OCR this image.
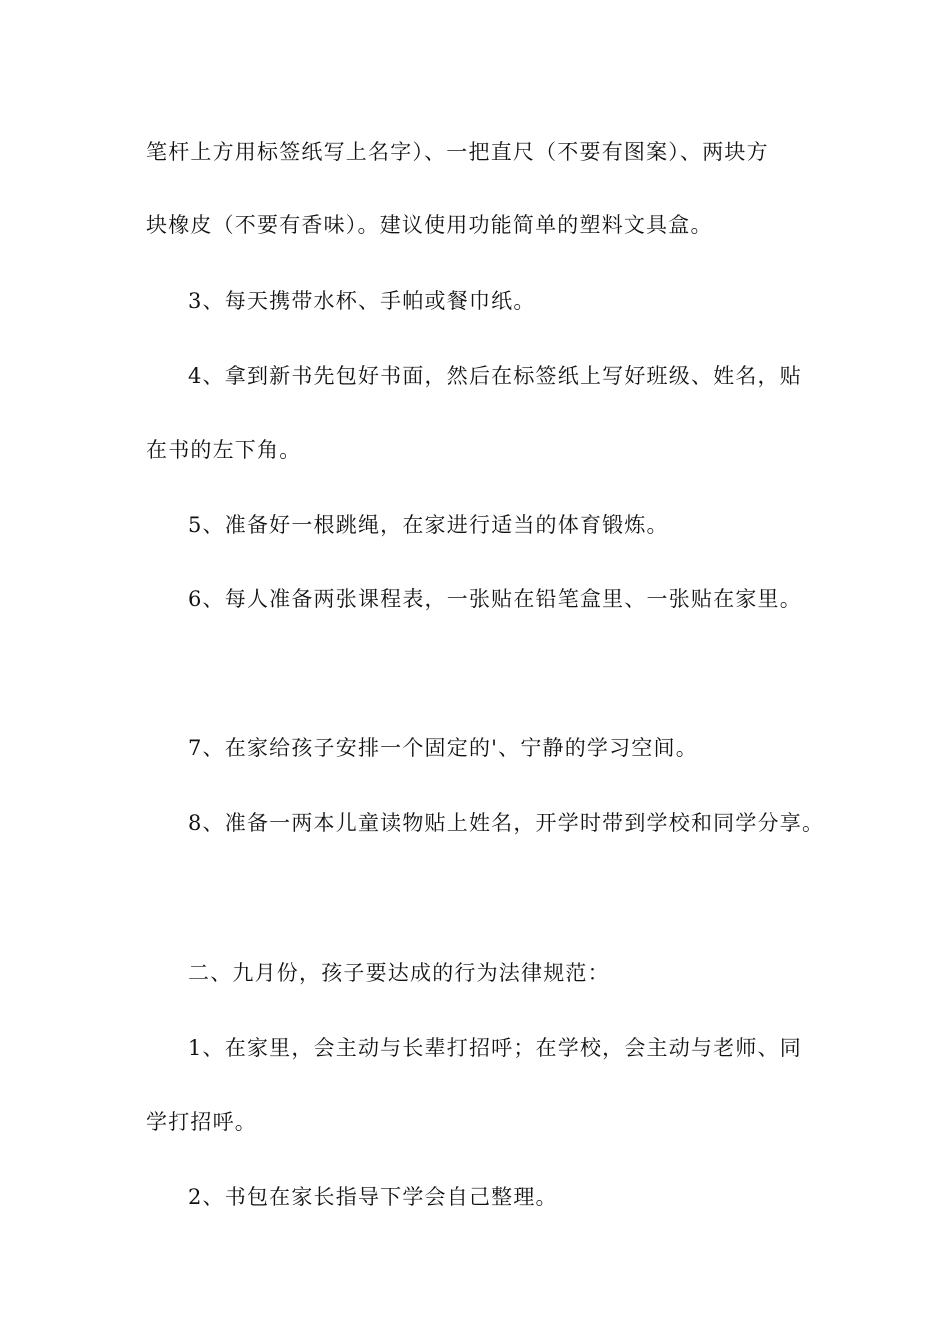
笔杆上方用标签纸写上名字）、一把直尺（不要有图案）、两块方
块橡皮（不要有香味）。建议使用功能简单的塑料文具盒。
3、每天携带水杯、手帕或餐巾纸。
4、拿到新书先包好书面，然后在标签纸上写好班级、姓名，贴
在书的左下角。
5、准备好一根跳绳，在家进行适当的体育锻炼。
6、每人准备两张课程表，一张贴在铅笔盒里、一张贴在家里。
7、在家给孩子安排一个固定的'、宁静的学习空间。
8、准备一两本儿童读物贴上姓名，开学时带到学校和同学分享。
二、九月份，孩子要达成的行为法律规范：
1、在家里，会主动与长辈打招呼；在学校，会主动与老师、同
学打招呼。
2、书包在家长指导下学会自己整理。
